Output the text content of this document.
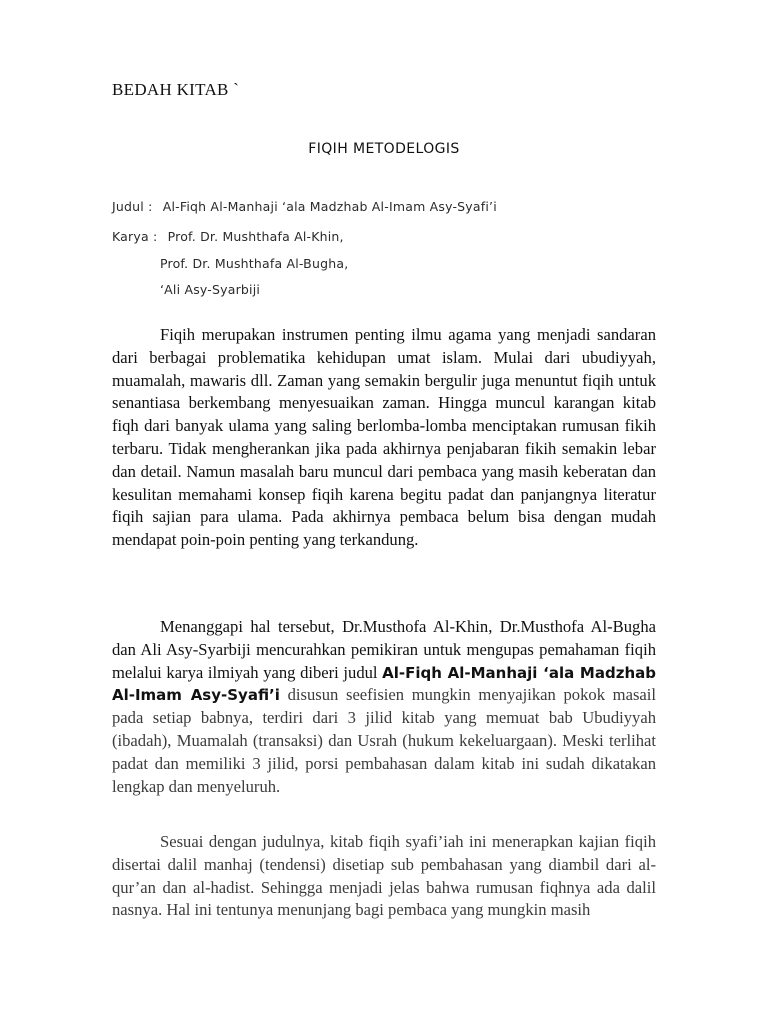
BEDAH KITAB `
FIQIH METODELOGIS
Judul : Al-Fiqh Al-Manhaji ‘ala Madzhab Al-Imam Asy-Syafi’i
Karya : Prof. Dr. Mushthafa Al-Khin,
Prof. Dr. Mushthafa Al-Bugha,
‘Ali Asy-Syarbiji

Fiqih merupakan instrumen penting ilmu agama yang menjadi sandaran dari berbagai problematika kehidupan umat islam. Mulai dari ubudiyyah, muamalah, mawaris dll. Zaman yang semakin bergulir juga menuntut fiqih untuk senantiasa berkembang menyesuaikan zaman. Hingga muncul karangan kitab fiqh dari banyak ulama yang saling berlomba-lomba menciptakan rumusan fikih terbaru. Tidak mengherankan jika pada akhirnya penjabaran fikih semakin lebar dan detail. Namun masalah baru muncul dari pembaca yang masih keberatan dan kesulitan memahami konsep fiqih karena begitu padat dan panjangnya literatur fiqih sajian para ulama. Pada akhirnya pembaca belum bisa dengan mudah mendapat poin-poin penting yang terkandung.

Menanggapi hal tersebut, Dr.Musthofa Al-Khin, Dr.Musthofa Al-Bugha dan Ali Asy-Syarbiji mencurahkan pemikiran untuk mengupas pemahaman fiqih melalui karya ilmiyah yang diberi judul Al-Fiqh Al-Manhaji ‘ala Madzhab Al-Imam Asy-Syafi’i disusun seefisien mungkin menyajikan pokok masail pada setiap babnya, terdiri dari 3 jilid kitab yang memuat bab Ubudiyyah (ibadah), Muamalah (transaksi) dan Usrah (hukum kekeluargaan). Meski terlihat padat dan memiliki 3 jilid, porsi pembahasan dalam kitab ini sudah dikatakan lengkap dan menyeluruh.

Sesuai dengan judulnya, kitab fiqih syafi’iah ini menerapkan kajian fiqih disertai dalil manhaj (tendensi) disetiap sub pembahasan yang diambil dari al-qur’an dan al-hadist. Sehingga menjadi jelas bahwa rumusan fiqhnya ada dalil nasnya. Hal ini tentunya menunjang bagi pembaca yang mungkin masih
